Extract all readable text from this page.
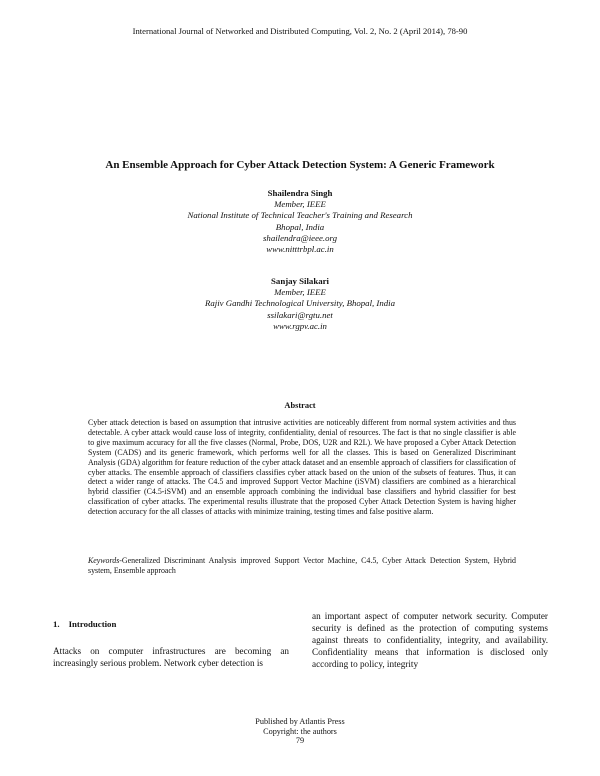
International Journal of Networked and Distributed Computing, Vol. 2, No. 2 (April 2014), 78-90
An Ensemble Approach for Cyber Attack Detection System: A Generic Framework
Shailendra Singh
Member, IEEE
National Institute of Technical Teacher's Training and Research
Bhopal, India
shailendra@ieee.org
www.nitttrbpl.ac.in
Sanjay Silakari
Member, IEEE
Rajiv Gandhi Technological University, Bhopal, India
ssilakari@rgtu.net
www.rgpv.ac.in
Abstract
Cyber attack detection is based on assumption that intrusive activities are noticeably different from normal system activities and thus detectable. A cyber attack would cause loss of integrity, confidentiality, denial of resources. The fact is that no single classifier is able to give maximum accuracy for all the five classes (Normal, Probe, DOS, U2R and R2L). We have proposed a Cyber Attack Detection System (CADS) and its generic framework, which performs well for all the classes. This is based on Generalized Discriminant Analysis (GDA) algorithm for feature reduction of the cyber attack dataset and an ensemble approach of classifiers for classification of cyber attacks. The ensemble approach of classifiers classifies cyber attack based on the union of the subsets of features. Thus, it can detect a wider range of attacks. The C4.5 and improved Support Vector Machine (iSVM) classifiers are combined as a hierarchical hybrid classifier (C4.5-iSVM) and an ensemble approach combining the individual base classifiers and hybrid classifier for best classification of cyber attacks. The experimental results illustrate that the proposed Cyber Attack Detection System is having higher detection accuracy for the all classes of attacks with minimize training, testing times and false positive alarm.
Keywords-Generalized Discriminant Analysis improved Support Vector Machine, C4.5, Cyber Attack Detection System, Hybrid system, Ensemble approach
1. Introduction
Attacks on computer infrastructures are becoming an increasingly serious problem. Network cyber detection is
an important aspect of computer network security. Computer security is defined as the protection of computing systems against threats to confidentiality, integrity, and availability. Confidentiality means that information is disclosed only according to policy, integrity
Published by Atlantis Press
Copyright: the authors
79
